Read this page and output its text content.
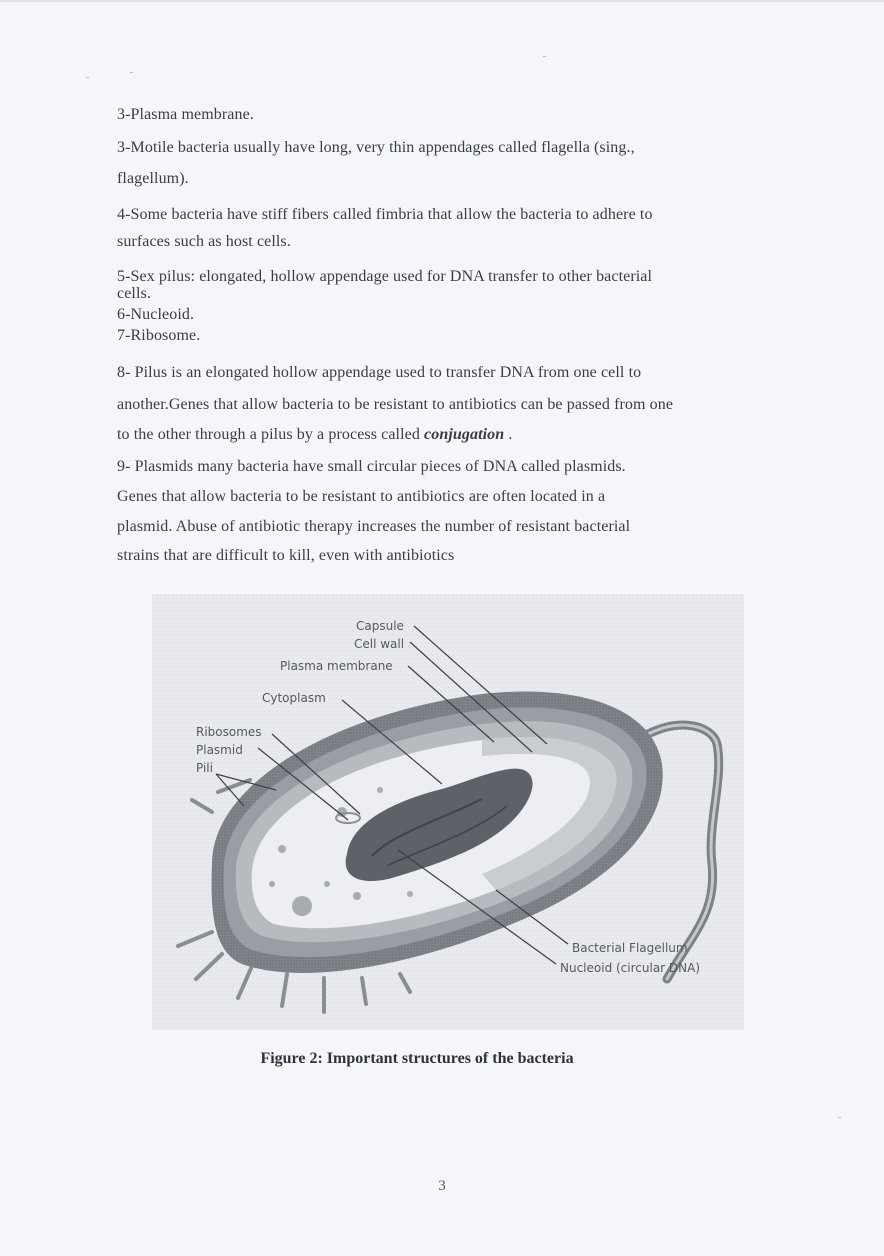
3-Plasma membrane.
3-Motile bacteria usually have long, very thin appendages called flagella (sing.,
flagellum).
4-Some bacteria have stiff fibers called fimbria that allow the bacteria to adhere to
surfaces such as host cells.
5-Sex pilus: elongated, hollow appendage used for DNA transfer to other bacterial
cells.
6-Nucleoid.
7-Ribosome.
8- Pilus is an elongated hollow appendage used to transfer DNA from one cell to
another.Genes that allow bacteria to be resistant to antibiotics can be passed from one
to the other through a pilus by a process called conjugation .
9- Plasmids many bacteria have small circular pieces of DNA called plasmids.
Genes that allow bacteria to be resistant to antibiotics are often located in a
plasmid. Abuse of antibiotic therapy increases the number of resistant bacterial
strains that are difficult to kill, even with antibiotics
Capsule
Cell wall
Plasma membrane
Cytoplasm
Ribosomes
Plasmid
Pili
Bacterial Flagellum
Nucleoid (circular DNA)
Figure 2: Important structures of the bacteria
3
